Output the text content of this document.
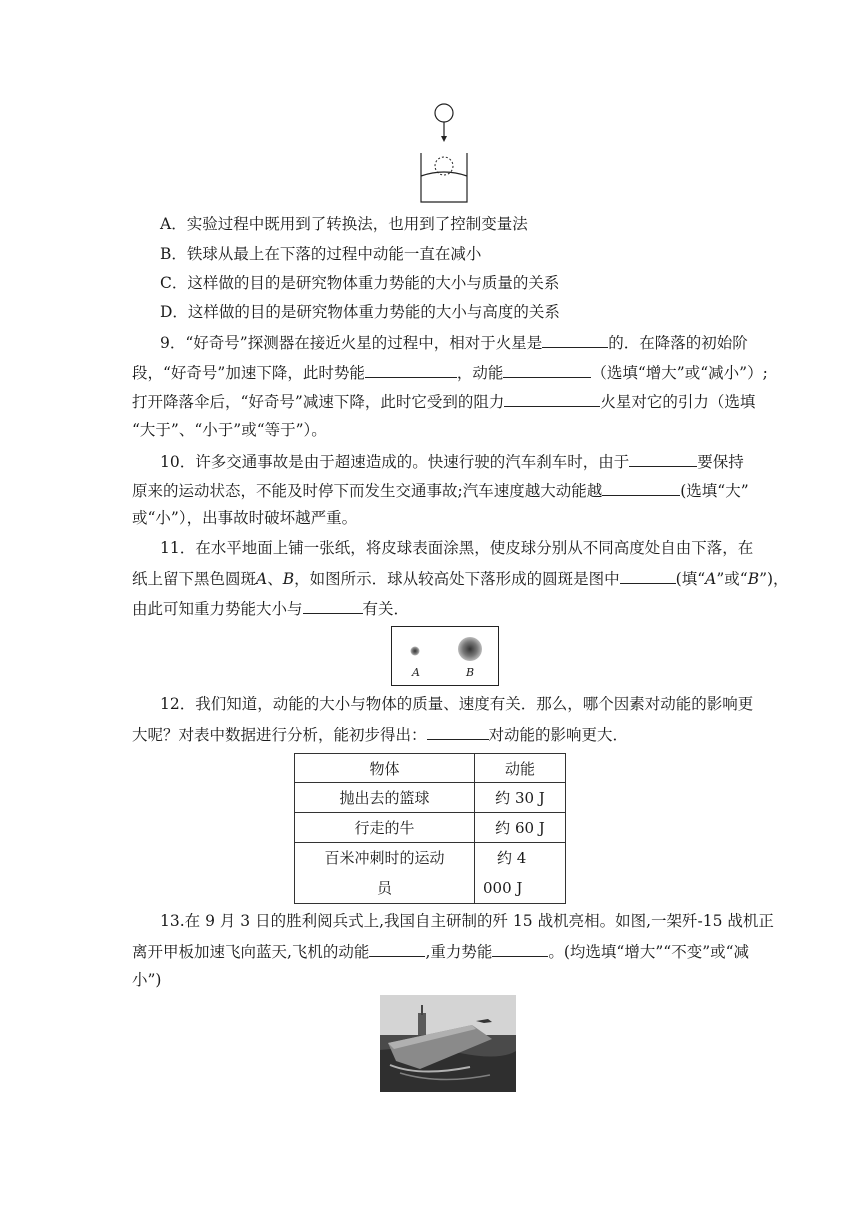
A．实验过程中既用到了转换法，也用到了控制变量法
B．铁球从最上在下落的过程中动能一直在减小
C．这样做的目的是研究物体重力势能的大小与质量的关系
D．这样做的目的是研究物体重力势能的大小与高度的关系
9．“好奇号”探测器在接近火星的过程中，相对于火星是	的．在降落的初始阶
段，“好奇号”加速下降，此时势能	，动能	（选填“增大”或“减小”）;
打开降落伞后，“好奇号”减速下降，此时它受到的阻力	火星对它的引力（选填
“大于”、“小于”或“等于”）。
10．许多交通事故是由于超速造成的。快速行驶的汽车刹车时，由于	要保持
原来的运动状态，不能及时停下而发生交通事故;汽车速度越大动能越	(选填“大”
或“小”），出事故时破坏越严重。
11．在水平地面上铺一张纸，将皮球表面涂黑，使皮球分别从不同高度处自由下落，在
纸上留下黑色圆斑A、B，如图所示．球从较高处下落形成的圆斑是图中	(填“A”或“B”)，
由此可知重力势能大小与	有关．
A	B
12．我们知道，动能的大小与物体的质量、速度有关．那么，哪个因素对动能的影响更
大呢？对表中数据进行分析，能初步得出：	对动能的影响更大．
物体	动能
抛出去的篮球	约 30 J
行走的牛	约 60 J

百米冲刺时的运动
员	约 4
000 J
13.在 9 月 3 日的胜利阅兵式上,我国自主研制的歼 15 战机亮相。如图,一架歼-15 战机正
离开甲板加速飞向蓝天,飞机的动能	,重力势能	。(均选填“增大”“不变”或“减
小”)
